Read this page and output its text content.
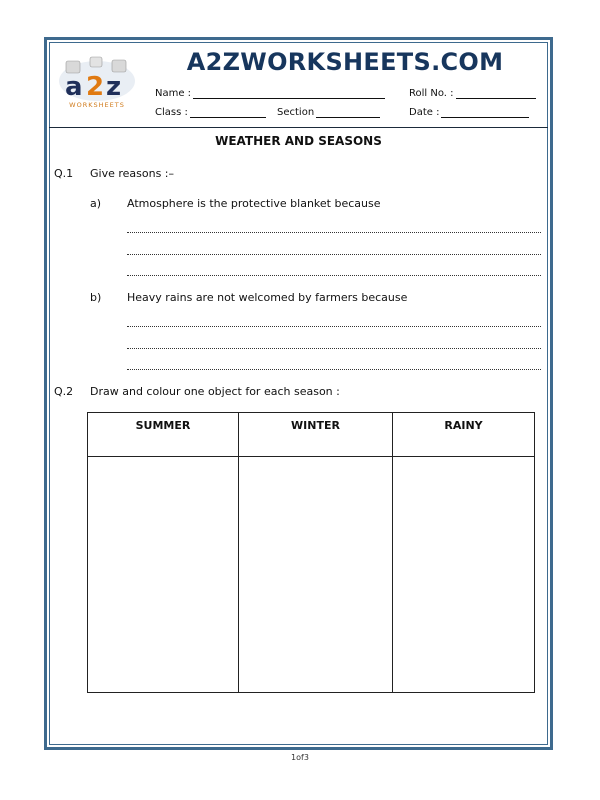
a 2 z
WORKSHEETS
A2ZWORKSHEETS.COM
Name :	Roll No. :
Class :	Section	Date :
WEATHER AND SEASONS
Q.1 Give reasons :–
a) Atmosphere is the protective blanket because
b) Heavy rains are not welcomed by farmers because
Q.2 Draw and colour one object for each season :
SUMMER	WINTER	RAINY

1of3
